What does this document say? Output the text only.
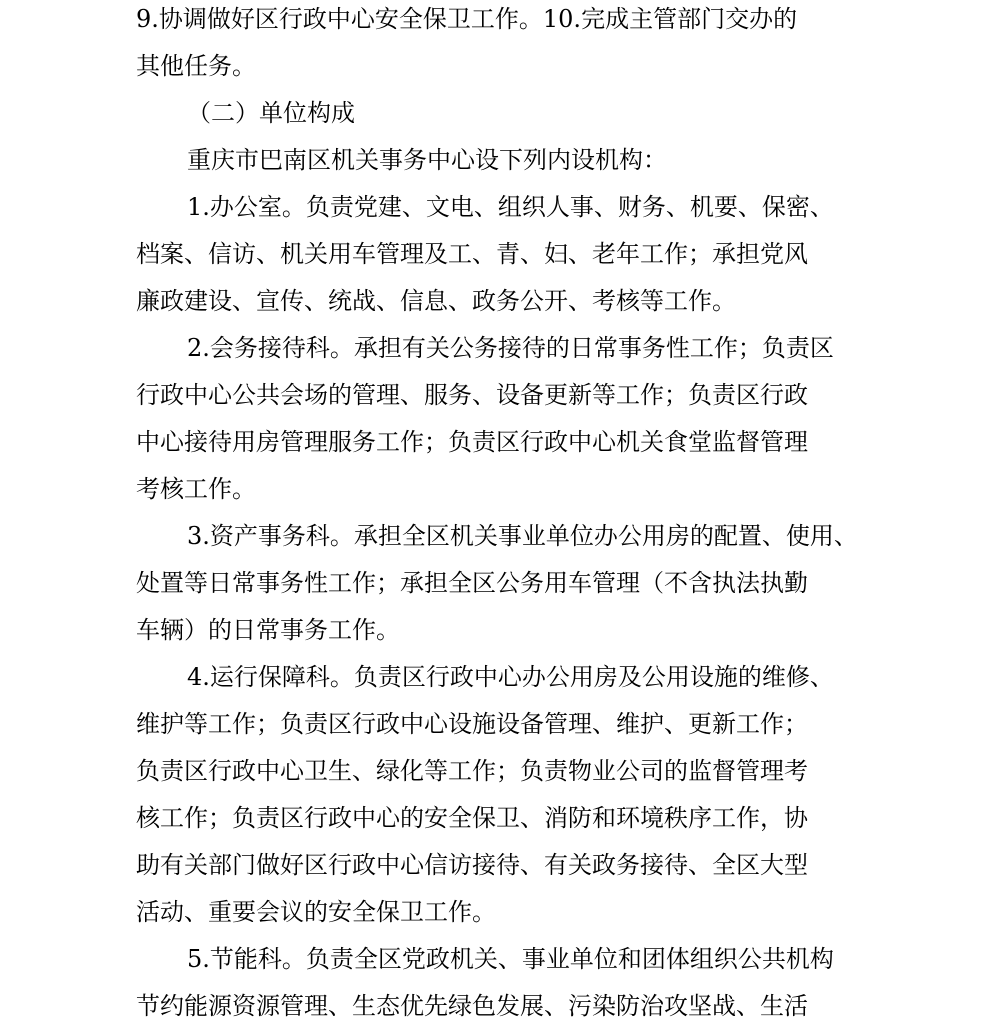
9.协调做好区行政中心安全保卫工作。10.完成主管部门交办的
其他任务。
（二）单位构成
重庆市巴南区机关事务中心设下列内设机构：
1.办公室。负责党建、文电、组织人事、财务、机要、保密、
档案、信访、机关用车管理及工、青、妇、老年工作；承担党风
廉政建设、宣传、统战、信息、政务公开、考核等工作。
2.会务接待科。承担有关公务接待的日常事务性工作；负责区
行政中心公共会场的管理、服务、设备更新等工作；负责区行政
中心接待用房管理服务工作；负责区行政中心机关食堂监督管理
考核工作。
3.资产事务科。承担全区机关事业单位办公用房的配置、使用、
处置等日常事务性工作；承担全区公务用车管理（不含执法执勤
车辆）的日常事务工作。
4.运行保障科。负责区行政中心办公用房及公用设施的维修、
维护等工作；负责区行政中心设施设备管理、维护、更新工作；
负责区行政中心卫生、绿化等工作；负责物业公司的监督管理考
核工作；负责区行政中心的安全保卫、消防和环境秩序工作，协
助有关部门做好区行政中心信访接待、有关政务接待、全区大型
活动、重要会议的安全保卫工作。
5.节能科。负责全区党政机关、事业单位和团体组织公共机构
节约能源资源管理、生态优先绿色发展、污染防治攻坚战、生活
